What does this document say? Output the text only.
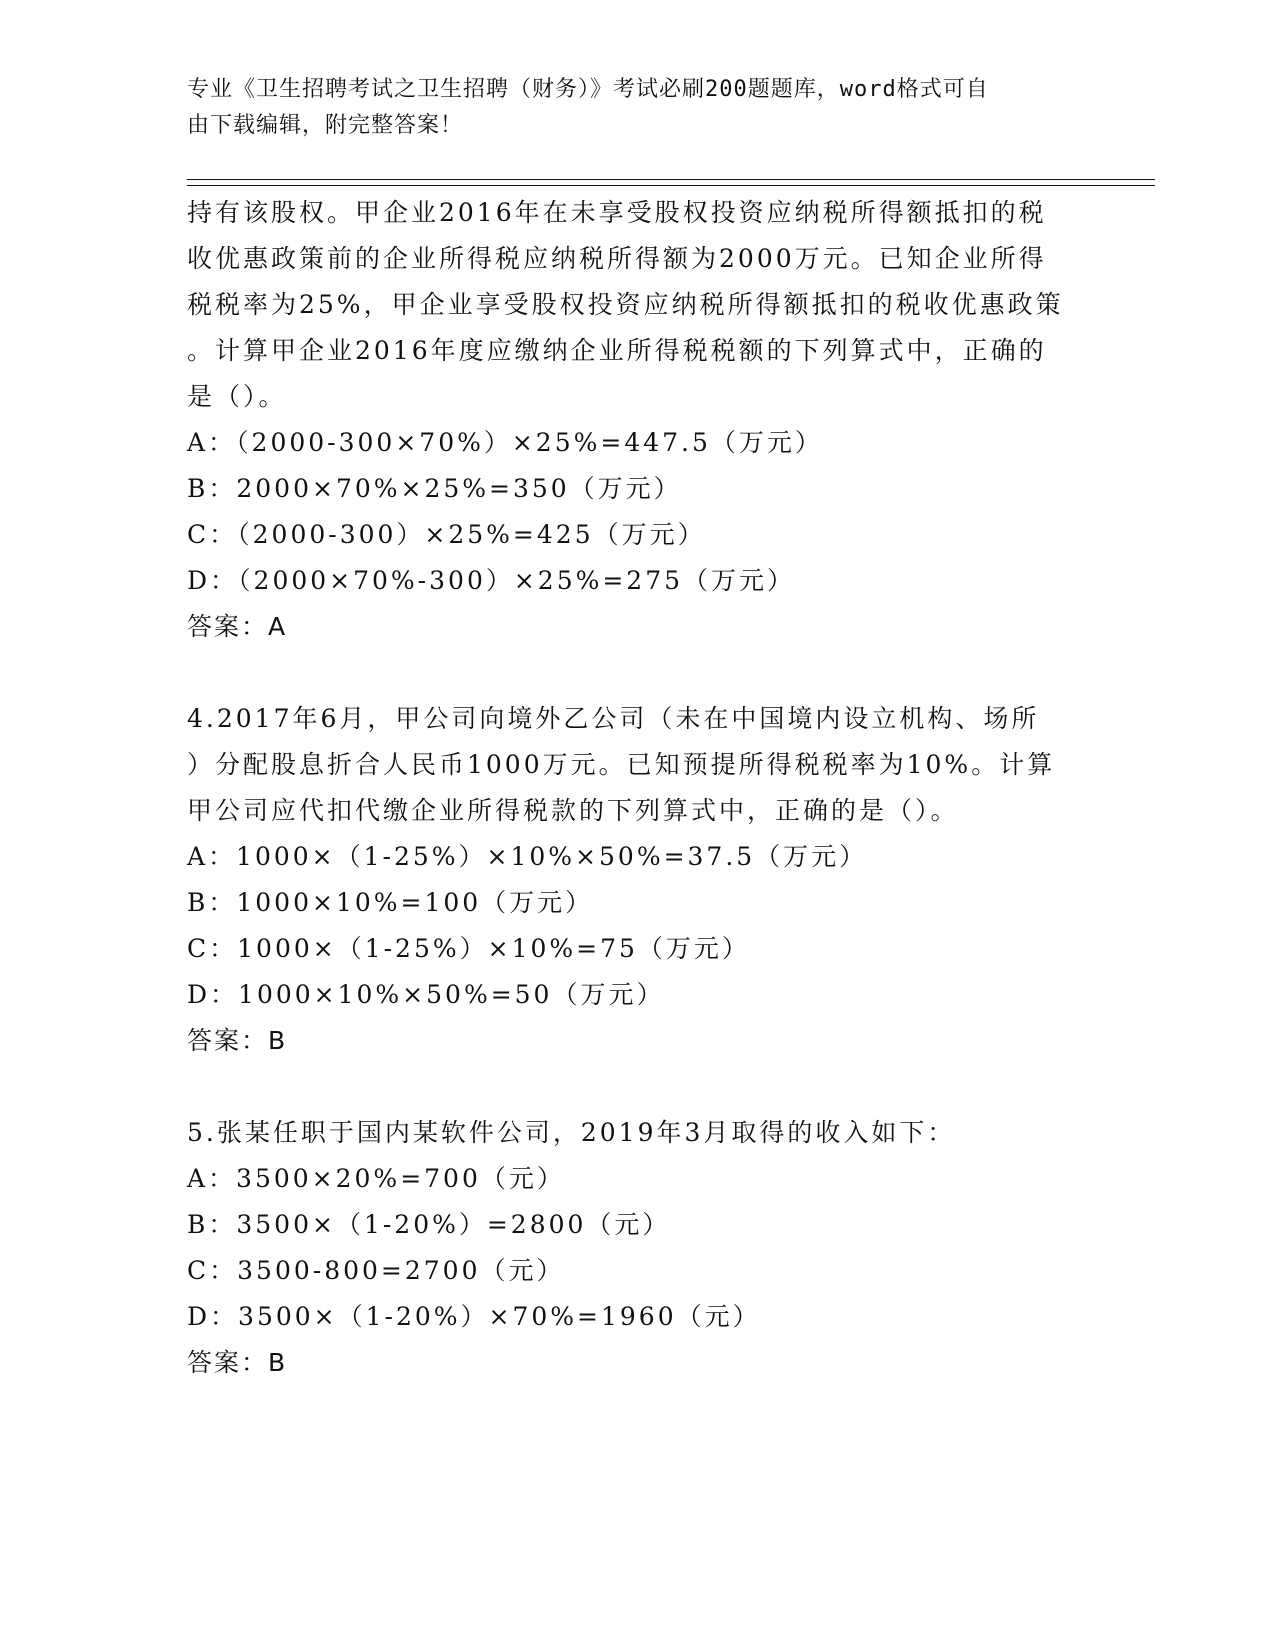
专业《卫生招聘考试之卫生招聘（财务）》考试必刷200题题库，word格式可自
由下载编辑，附完整答案！
持有该股权。甲企业2016年在未享受股权投资应纳税所得额抵扣的税
收优惠政策前的企业所得税应纳税所得额为2000万元。已知企业所得
税税率为25%，甲企业享受股权投资应纳税所得额抵扣的税收优惠政策
。计算甲企业2016年度应缴纳企业所得税税额的下列算式中，正确的
是（）。
A：（2000-300×70%）×25%=447.5（万元）
B：2000×70%×25%=350（万元）
C：（2000-300）×25%=425（万元）
D：（2000×70%-300）×25%=275（万元）
答案：A
4.2017年6月，甲公司向境外乙公司（未在中国境内设立机构、场所
）分配股息折合人民币1000万元。已知预提所得税税率为10%。计算
甲公司应代扣代缴企业所得税款的下列算式中，正确的是（）。
A：1000×（1-25%）×10%×50%=37.5（万元）
B：1000×10%=100（万元）
C：1000×（1-25%）×10%=75（万元）
D：1000×10%×50%=50（万元）
答案：B
5.张某任职于国内某软件公司，2019年3月取得的收入如下：
A：3500×20%=700（元）
B：3500×（1-20%）=2800（元）
C：3500-800=2700（元）
D：3500×（1-20%）×70%=1960（元）
答案：B
